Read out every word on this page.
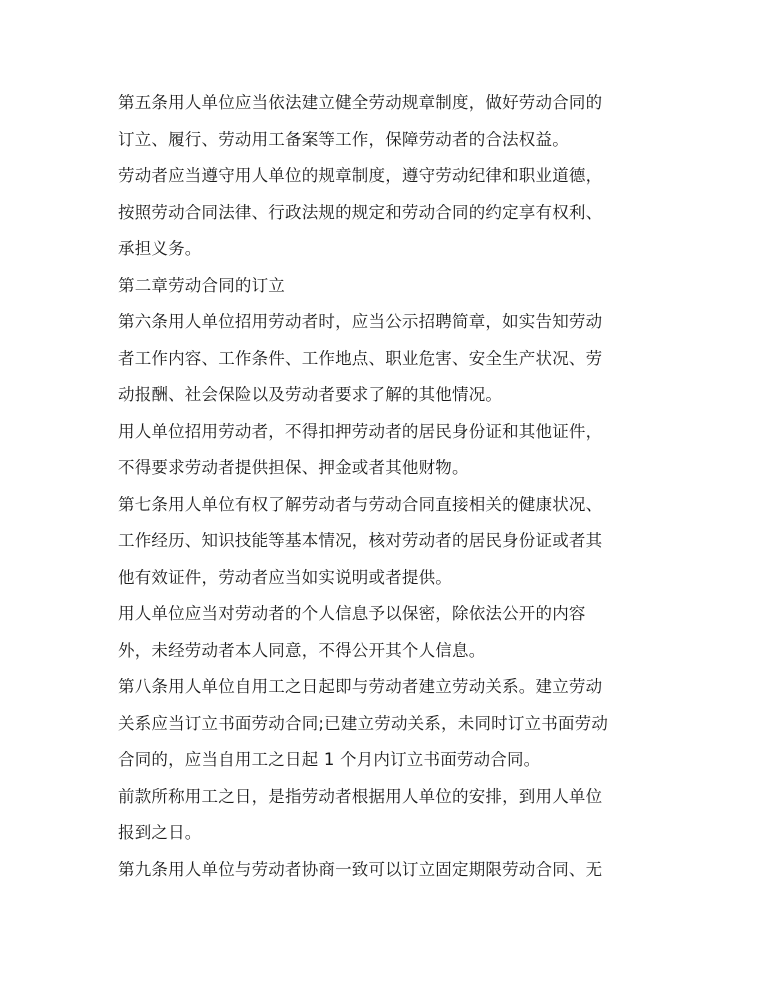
第五条用人单位应当依法建立健全劳动规章制度，做好劳动合同的
订立、履行、劳动用工备案等工作，保障劳动者的合法权益。
劳动者应当遵守用人单位的规章制度，遵守劳动纪律和职业道德，
按照劳动合同法律、行政法规的规定和劳动合同的约定享有权利、
承担义务。
第二章劳动合同的订立
第六条用人单位招用劳动者时，应当公示招聘简章，如实告知劳动
者工作内容、工作条件、工作地点、职业危害、安全生产状况、劳
动报酬、社会保险以及劳动者要求了解的其他情况。
用人单位招用劳动者，不得扣押劳动者的居民身份证和其他证件，
不得要求劳动者提供担保、押金或者其他财物。
第七条用人单位有权了解劳动者与劳动合同直接相关的健康状况、
工作经历、知识技能等基本情况，核对劳动者的居民身份证或者其
他有效证件，劳动者应当如实说明或者提供。
用人单位应当对劳动者的个人信息予以保密，除依法公开的内容
外，未经劳动者本人同意，不得公开其个人信息。
第八条用人单位自用工之日起即与劳动者建立劳动关系。建立劳动
关系应当订立书面劳动合同;已建立劳动关系，未同时订立书面劳动
合同的，应当自用工之日起 1 个月内订立书面劳动合同。
前款所称用工之日，是指劳动者根据用人单位的安排，到用人单位
报到之日。
第九条用人单位与劳动者协商一致可以订立固定期限劳动合同、无
